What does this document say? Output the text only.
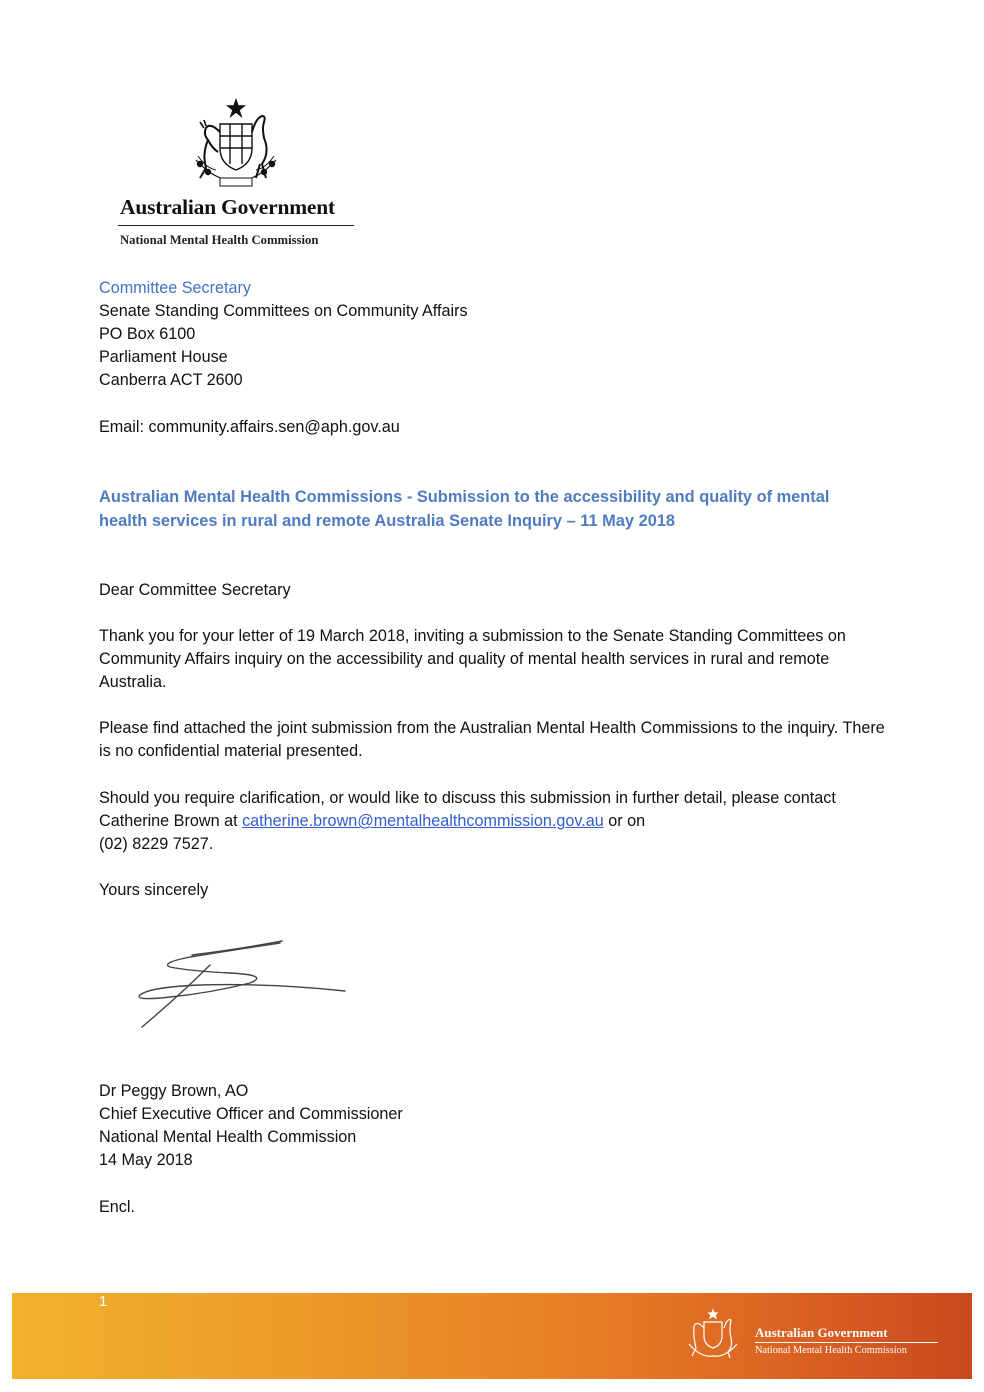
Australian Government
National Mental Health Commission
Committee Secretary
Senate Standing Committees on Community Affairs
PO Box 6100
Parliament House
Canberra ACT 2600
Email: community.affairs.sen@aph.gov.au
Australian Mental Health Commissions - Submission to the accessibility and quality of mental health services in rural and remote Australia Senate Inquiry – 11 May 2018
Dear Committee Secretary
Thank you for your letter of 19 March 2018, inviting a submission to the Senate Standing Committees on Community Affairs inquiry on the accessibility and quality of mental health services in rural and remote Australia.
Please find attached the joint submission from the Australian Mental Health Commissions to the inquiry. There is no confidential material presented.
Should you require clarification, or would like to discuss this submission in further detail, please contact Catherine Brown at catherine.brown@mentalhealthcommission.gov.au or on
(02) 8229 7527.
Yours sincerely
Dr Peggy Brown, AO
Chief Executive Officer and Commissioner
National Mental Health Commission
14 May 2018
Encl.
1
Australian Government
National Mental Health Commission
